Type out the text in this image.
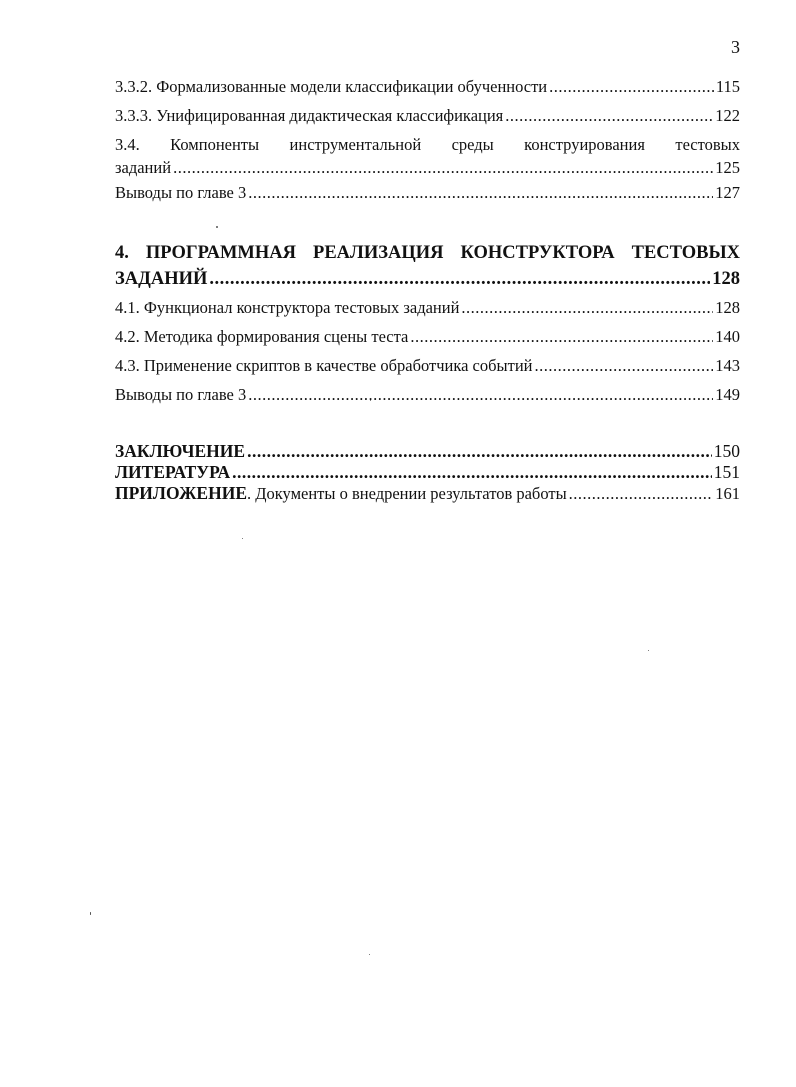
3
3.3.2. Формализованные модели классификации обученности .....	115
3.3.3. Унифицированная дидактическая классификация .....	122
3.4. Компоненты инструментальной среды конструирования тестовых
заданий .....	125
Выводы по главе 3 .....	127
4. ПРОГРАММНАЯ РЕАЛИЗАЦИЯ КОНСТРУКТОРА ТЕСТОВЫХ
ЗАДАНИЙ .....	128
4.1. Функционал конструктора тестовых заданий .....	128
4.2. Методика формирования сцены теста .....	140
4.3. Применение скриптов в качестве обработчика событий .....	143
Выводы по главе 3 .....	149
ЗАКЛЮЧЕНИЕ .....	150
ЛИТЕРАТУРА .....	151
ПРИЛОЖЕНИЕ. Документы о внедрении результатов работы .....	161
